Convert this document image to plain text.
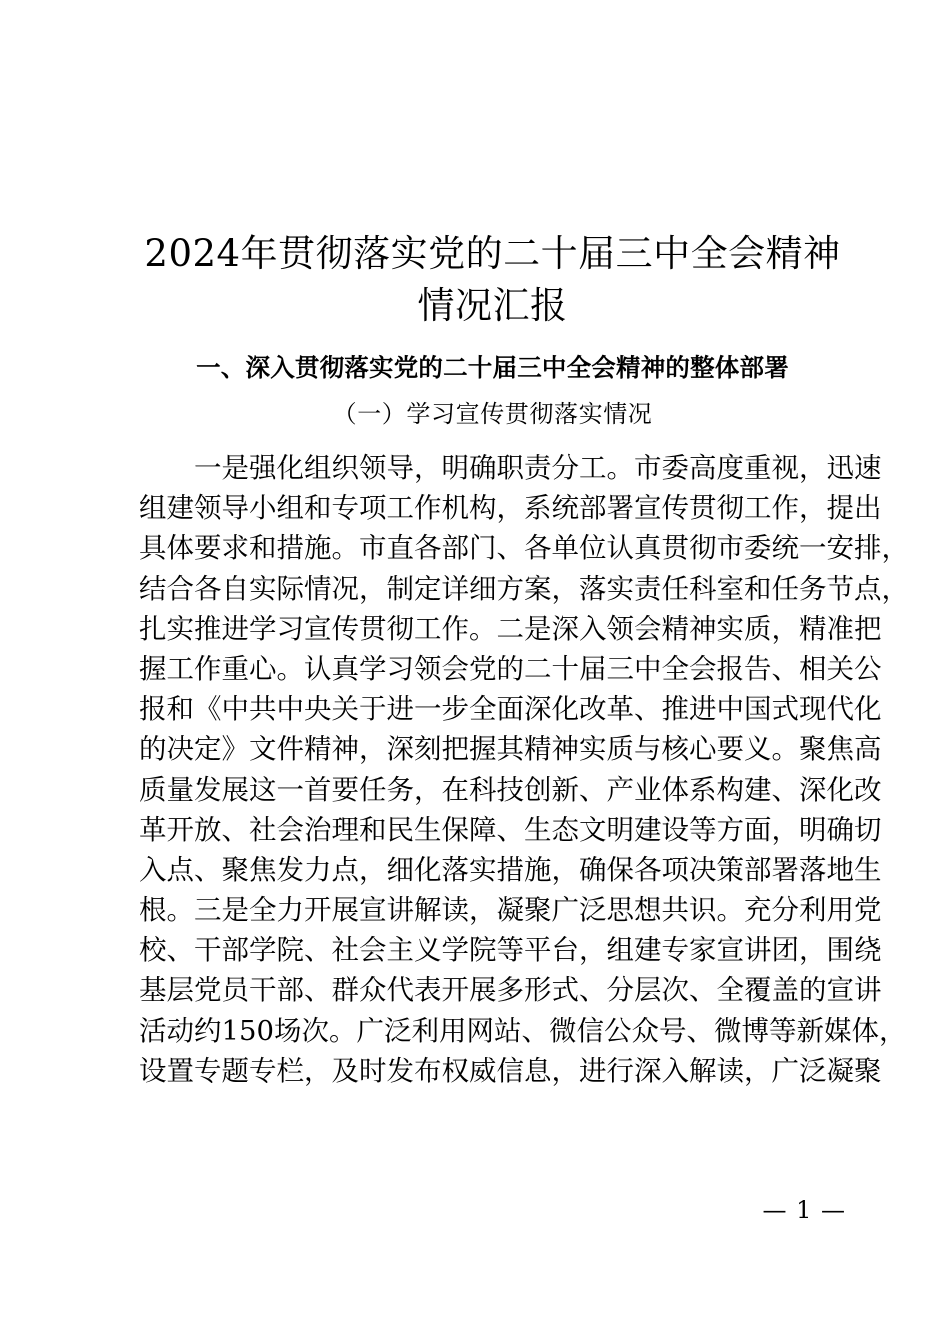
2024年贯彻落实党的二十届三中全会精神情况汇报
一、深入贯彻落实党的二十届三中全会精神的整体部署
（一）学习宣传贯彻落实情况

一 是 强 化 组 织 领 导 ， 明 确 职 责 分 工 。 市 委 高 度 重 视 ， 迅 速
组 建 领 导 小 组 和 专 项 工 作 机 构 ， 系 统 部 署 宣 传 贯 彻 工 作 ， 提 出
具 体 要 求 和 措 施 。 市 直 各 部 门 、 各 单 位 认 真 贯 彻 市 委 统 一 安 排 ，
结 合 各 自 实 际 情 况 ， 制 定 详 细 方 案 ， 落 实 责 任 科 室 和 任 务 节 点 ，
扎 实 推 进 学 习 宣 传 贯 彻 工 作 。 二 是 深 入 领 会 精 神 实 质 ， 精 准 把
握 工 作 重 心 。 认 真 学 习 领 会 党 的 二 十 届 三 中 全 会 报 告 、 相 关 公
报 和 《 中 共 中 央 关 于 进 一 步 全 面 深 化 改 革 、 推 进 中 国 式 现 代 化
的 决 定 》 文 件 精 神 ， 深 刻 把 握 其 精 神 实 质 与 核 心 要 义 。 聚 焦 高
质 量 发 展 这 一 首 要 任 务 ， 在 科 技 创 新 、 产 业 体 系 构 建 、 深 化 改
革 开 放 、 社 会 治 理 和 民 生 保 障 、 生 态 文 明 建 设 等 方 面 ， 明 确 切
入 点 、 聚 焦 发 力 点 ， 细 化 落 实 措 施 ， 确 保 各 项 决 策 部 署 落 地 生
根 。 三 是 全 力 开 展 宣 讲 解 读 ， 凝 聚 广 泛 思 想 共 识 。 充 分 利 用 党
校 、 干 部 学 院 、 社 会 主 义 学 院 等 平 台 ， 组 建 专 家 宣 讲 团 ， 围 绕
基 层 党 员 干 部 、 群 众 代 表 开 展 多 形 式 、 分 层 次 、 全 覆 盖 的 宣 讲
活 动 约 1 5 0 场 次 。 广 泛 利 用 网 站 、 微 信 公 众 号 、 微 博 等 新 媒 体 ，
设置专题专栏，及时发布权威信息，进行深入解读，广泛凝聚
— 1 —
